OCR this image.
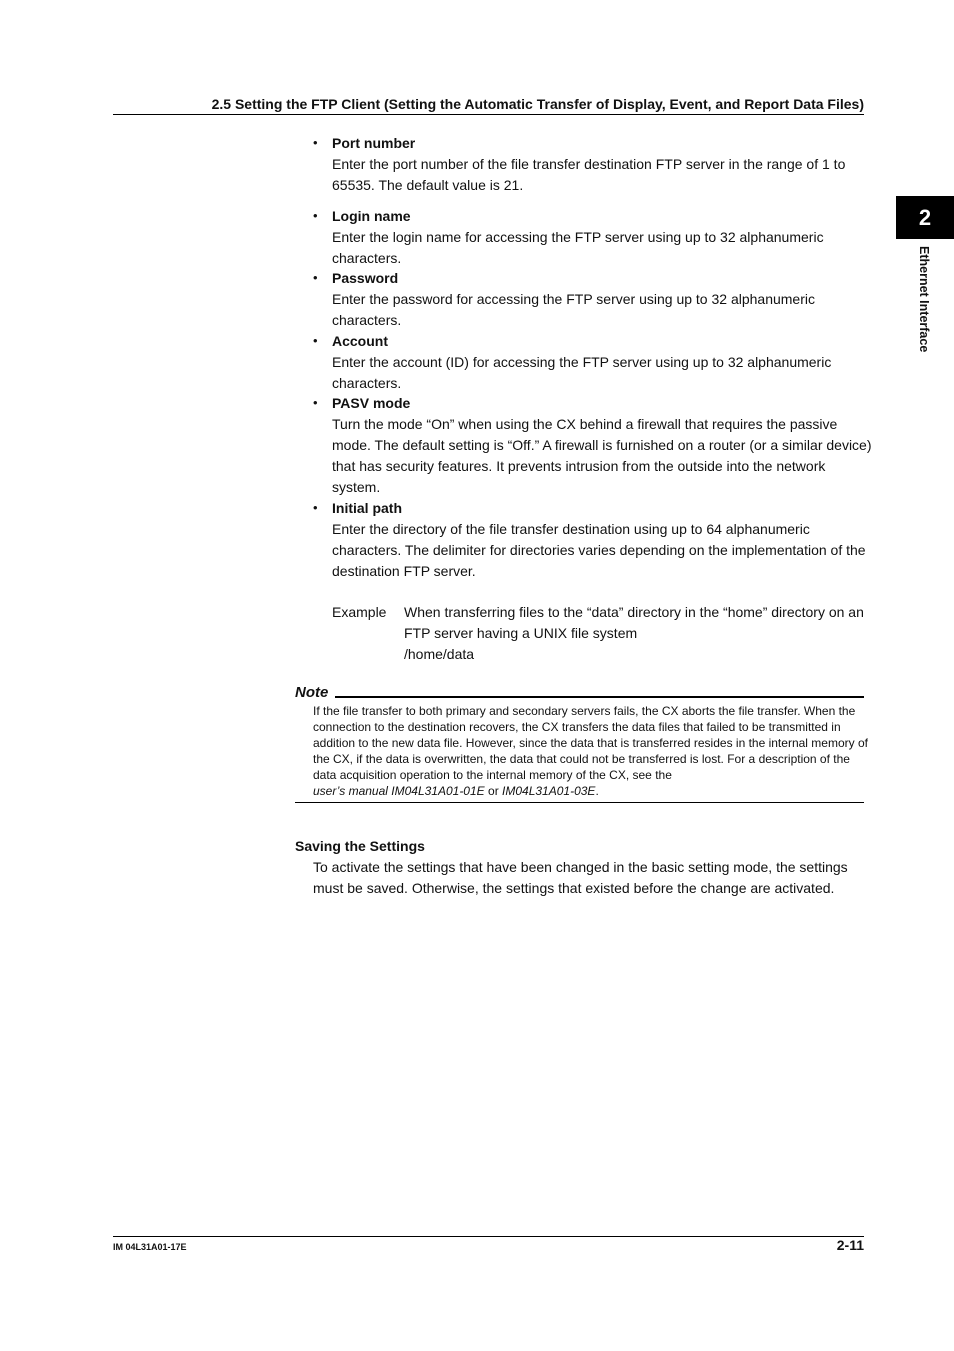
2.5 Setting the FTP Client (Setting the Automatic Transfer of Display, Event, and Report Data Files)
2
Ethernet Interface
• Port number
Enter the port number of the file transfer destination FTP server in the range of 1 to 65535. The default value is 21.
• Login name
Enter the login name for accessing the FTP server using up to 32 alphanumeric characters.
• Password
Enter the password for accessing the FTP server using up to 32 alphanumeric characters.
• Account
Enter the account (ID) for accessing the FTP server using up to 32 alphanumeric characters.
• PASV mode
Turn the mode “On” when using the CX behind a firewall that requires the passive mode. The default setting is “Off.” A firewall is furnished on a router (or a similar device) that has security features. It prevents intrusion from the outside into the network system.
• Initial path
Enter the directory of the file transfer destination using up to 64 alphanumeric characters. The delimiter for directories varies depending on the implementation of the destination FTP server.
Example When transferring files to the “data” directory in the “home” directory on an FTP server having a UNIX file system
/home/data
Note
If the file transfer to both primary and secondary servers fails, the CX aborts the file transfer. When the connection to the destination recovers, the CX transfers the data files that failed to be transmitted in addition to the new data file. However, since the data that is transferred resides in the internal memory of the CX, if the data is overwritten, the data that could not be transferred is lost. For a description of the data acquisition operation to the internal memory of the CX, see the
user’s manual IM04L31A01-01E or IM04L31A01-03E.
Saving the Settings
To activate the settings that have been changed in the basic setting mode, the settings must be saved. Otherwise, the settings that existed before the change are activated.
IM 04L31A01-17E	2-11
